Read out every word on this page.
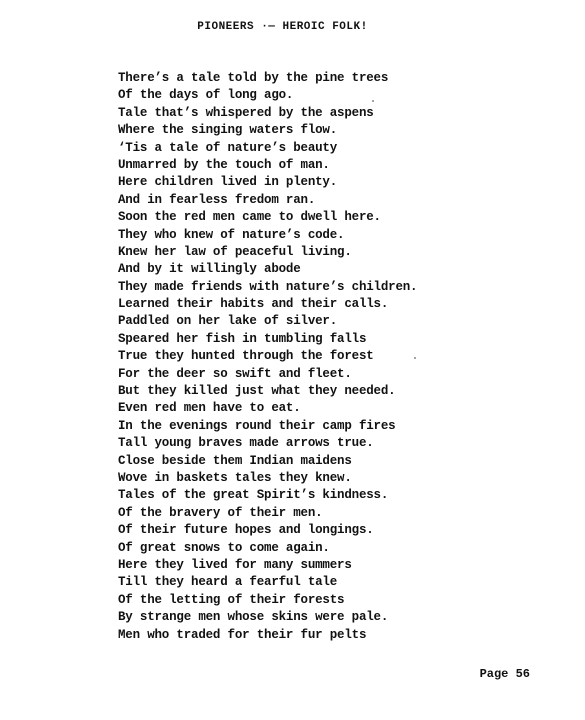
PIONEERS ·— HEROIC FOLK!
There’s a tale told by the pine trees
Of the days of long ago.
Tale that’s whispered by the aspens
Where the singing waters flow.
‘Tis a tale of nature’s beauty
Unmarred by the touch of man.
Here children lived in plenty.
And in fearless fredom ran.
Soon the red men came to dwell here.
They who knew of nature’s code.
Knew her law of peaceful living.
And by it willingly abode
They made friends with nature’s children.
Learned their habits and their calls.
Paddled on her lake of silver.
Speared her fish in tumbling falls
True they hunted through the forest
For the deer so swift and fleet.
But they killed just what they needed.
Even red men have to eat.
In the evenings round their camp fires
Tall young braves made arrows true.
Close beside them Indian maidens
Wove in baskets tales they knew.
Tales of the great Spirit’s kindness.
Of the bravery of their men.
Of their future hopes and longings.
Of great snows to come again.
Here they lived for many summers
Till they heard a fearful tale
Of the letting of their forests
By strange men whose skins were pale.
Men who traded for their fur pelts
Page 56
